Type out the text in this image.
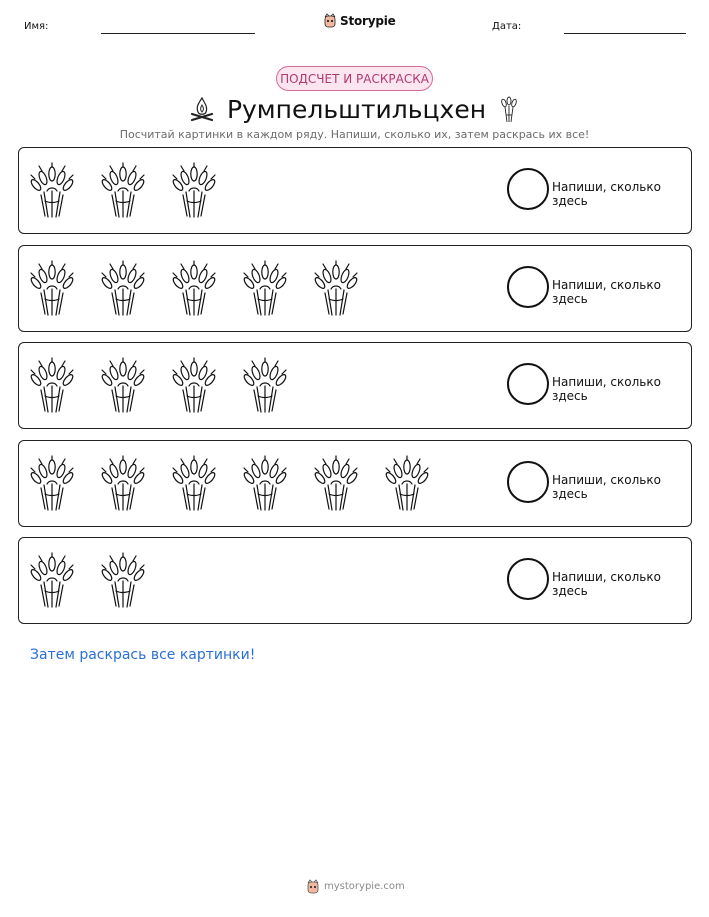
Имя:	Storypie	Дата:
ПОДСЧЕТ И РАСКРАСКА
Румпельштильцхен
Посчитай картинки в каждом ряду. Напиши, сколько их, затем раскрась их все!
Напиши, сколько здесь
Напиши, сколько здесь
Напиши, сколько здесь
Напиши, сколько здесь
Напиши, сколько здесь
Затем раскрась все картинки!
mystorypie.com
